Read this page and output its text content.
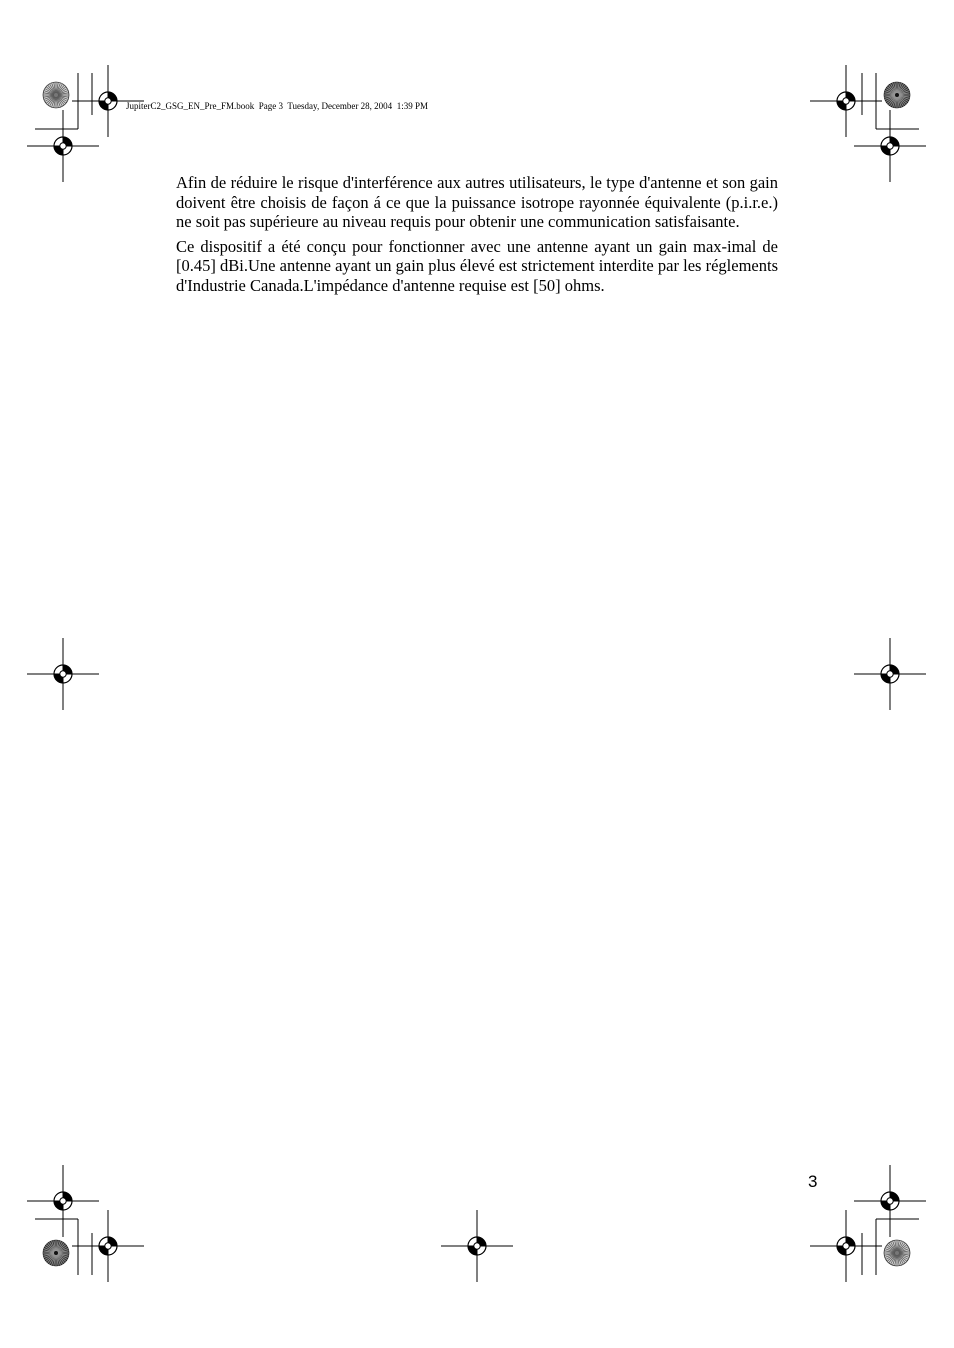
JupiterC2_GSG_EN_Pre_FM.book Page 3 Tuesday, December 28, 2004 1:39 PM

Afin de réduire le risque d'interférence aux autres utilisateurs, le type d'antenne et son gain doivent être choisis de façon á ce que la puissance isotrope rayonnée équivalente (p.i.r.e.) ne soit pas supérieure au niveau requis pour obtenir une communication satisfaisante.

Ce dispositif a été conçu pour fonctionner avec une antenne ayant un gain max-imal de [0.45] dBi.Une antenne ayant un gain plus élevé est strictement interdite par les réglements d'Industrie Canada.L'impédance d'antenne requise est [50] ohms.

3
